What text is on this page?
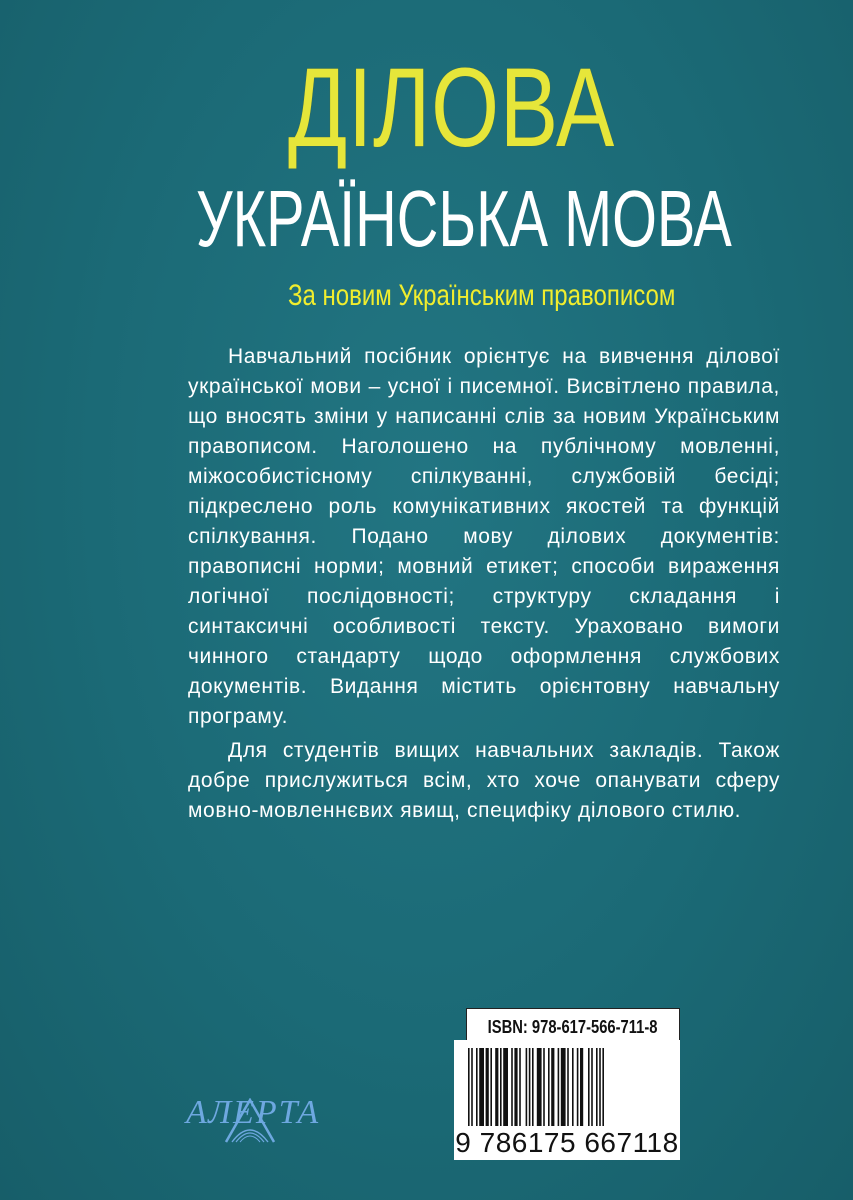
ДІЛОВА
УКРАЇНСЬКА МОВА
За новим Українським правописом

Навчальний посібник орієнтує на вивчення ділової української мови – усної і писемної. Висвітлено правила, що вносять зміни у написанні слів за новим Українським правописом. Наголошено на публічному мовленні, міжособистісному спілкуванні, службовій бесіді; підкреслено роль комунікативних якостей та функцій спілкування. Подано мову ділових документів: правописні норми; мовний етикет; способи вираження логічної послідовності; структуру складання і синтаксичні особливості тексту. Ураховано вимоги чинного стандарту щодо оформлення службових документів. Видання містить орієнтовну навчальну програму.

Для студентів вищих навчальних закладів. Також добре прислужиться всім, хто хоче опанувати сферу мовно-мовленнєвих явищ, специфіку ділового стилю.

ISBN: 978-617-566-711-8
9 786175 667118
АЛЕРТА
